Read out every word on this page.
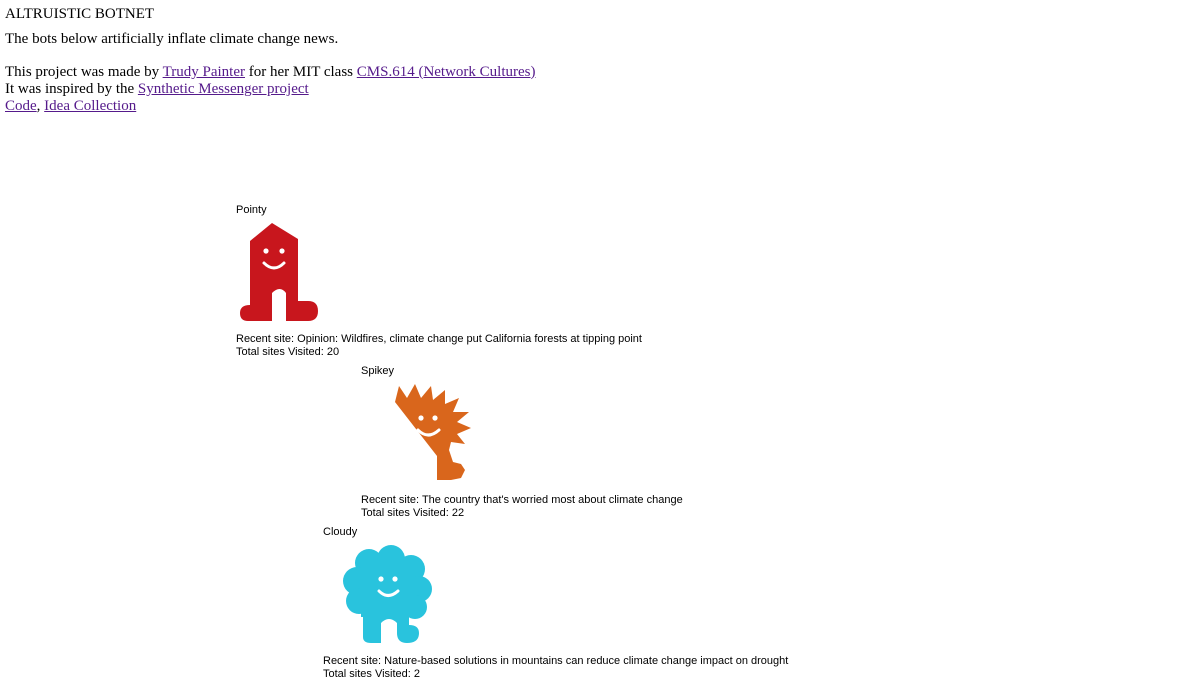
ALTRUISTIC BOTNET

The bots below artificially inflate climate change news.

This project was made by Trudy Painter for her MIT class CMS.614 (Network Cultures)

It was inspired by the Synthetic Messenger project

Code, Idea Collection

Pointy
Recent site: Opinion: Wildfires, climate change put California forests at tipping point
Total sites Visited: 20
Spikey
Recent site: The country that's worried most about climate change
Total sites Visited: 22
Cloudy
Recent site: Nature-based solutions in mountains can reduce climate change impact on drought
Total sites Visited: 2
